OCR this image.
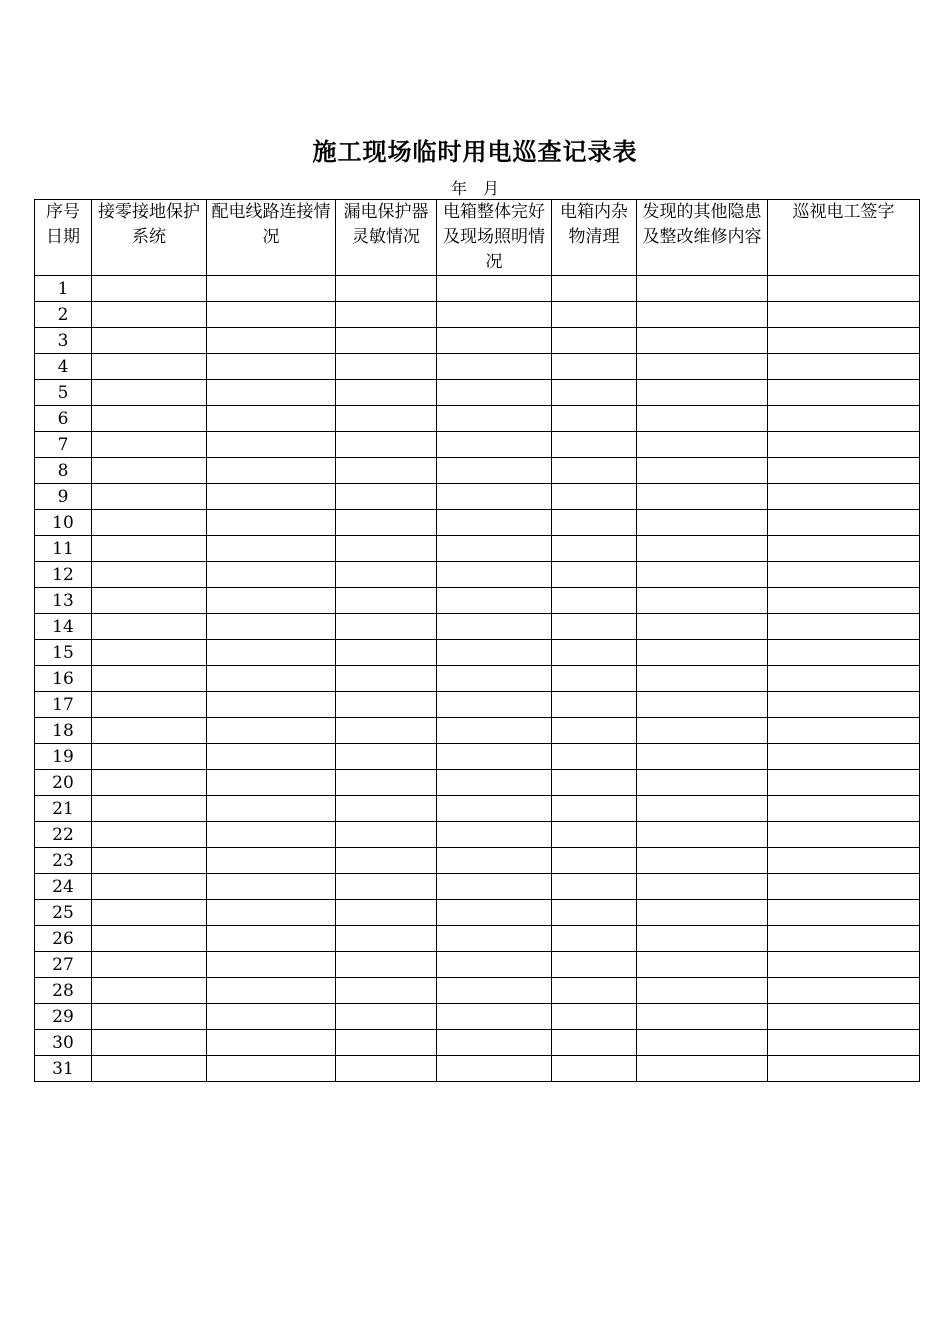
施工现场临时用电巡查记录表
年　月
序号日期	接零接地保护系统	配电线路连接情况	漏电保护器灵敏情况	电箱整体完好及现场照明情况	电箱内杂物清理	发现的其他隐患及整改维修内容	巡视电工签字
1							
2							
3							
4							
5							
6							
7							
8							
9							
10							
11							
12							
13							
14							
15							
16							
17							
18							
19							
20							
21							
22							
23							
24							
25							
26							
27							
28							
29							
30							
31							
